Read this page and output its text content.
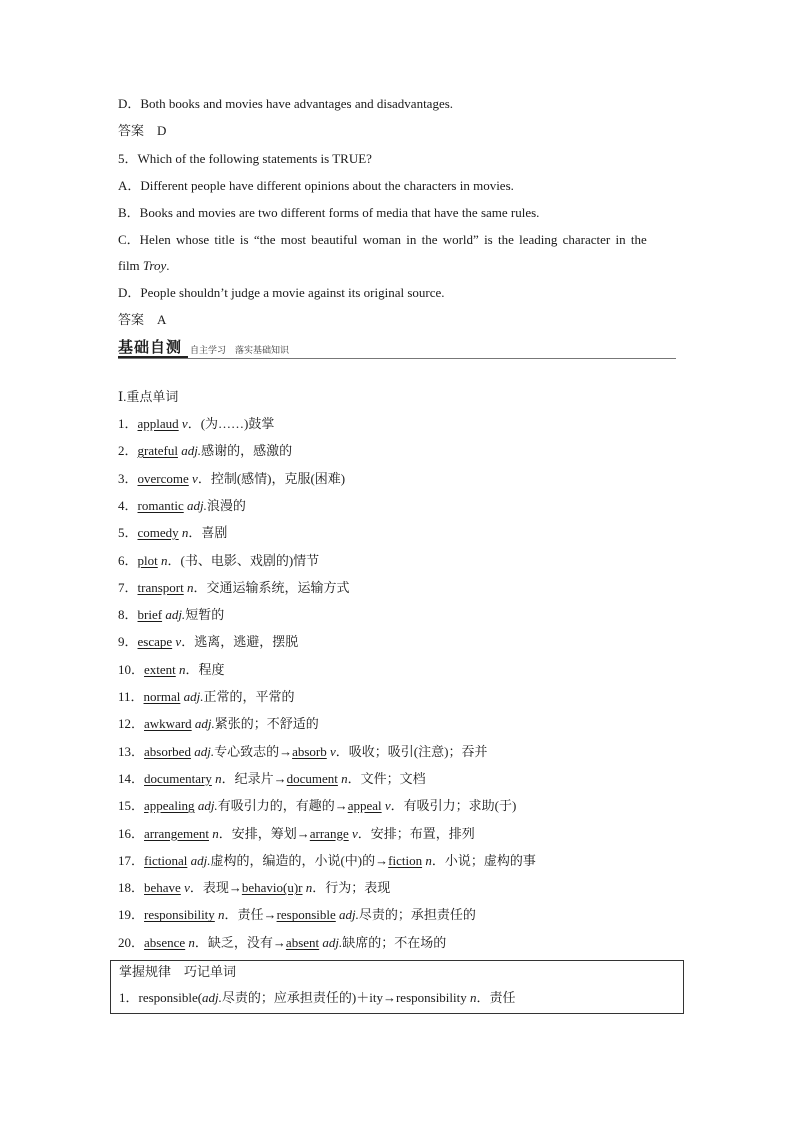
D．Both books and movies have advantages and disadvantages.
答案　D
5．Which of the following statements is TRUE?
A．Different people have different opinions about the characters in movies.
B．Books and movies are two different forms of media that have the same rules.
C．Helen whose title is “the most beautiful woman in the world” is the leading character in the
film Troy.
D．People shouldn’t judge a movie against its original source.
答案　A
基础自测 自主学习　落实基础知识
Ⅰ.重点单词
1．applaud v．(为……)鼓掌
2．grateful adj.感谢的，感激的
3．overcome v．控制(感情)，克服(困难)
4．romantic adj.浪漫的
5．comedy n．喜剧
6．plot n．(书、电影、戏剧的)情节
7．transport n．交通运输系统，运输方式
8．brief adj.短暂的
9．escape v．逃离，逃避，摆脱
10．extent n．程度
11．normal adj.正常的，平常的
12．awkward adj.紧张的；不舒适的
13．absorbed adj.专心致志的→absorb v．吸收；吸引(注意)；吞并
14．documentary n．纪录片→document n．文件；文档
15．appealing adj.有吸引力的，有趣的→appeal v．有吸引力；求助(于)
16．arrangement n．安排，筹划→arrange v．安排；布置，排列
17．fictional adj.虚构的，编造的，小说(中)的→fiction n．小说；虚构的事
18．behave v．表现→behavio(u)r n．行为；表现
19．responsibility n．责任→responsible adj.尽责的；承担责任的
20．absence n．缺乏，没有→absent adj.缺席的；不在场的
掌握规律　巧记单词
1．responsible(adj.尽责的；应承担责任的)＋ity→responsibility n．责任
